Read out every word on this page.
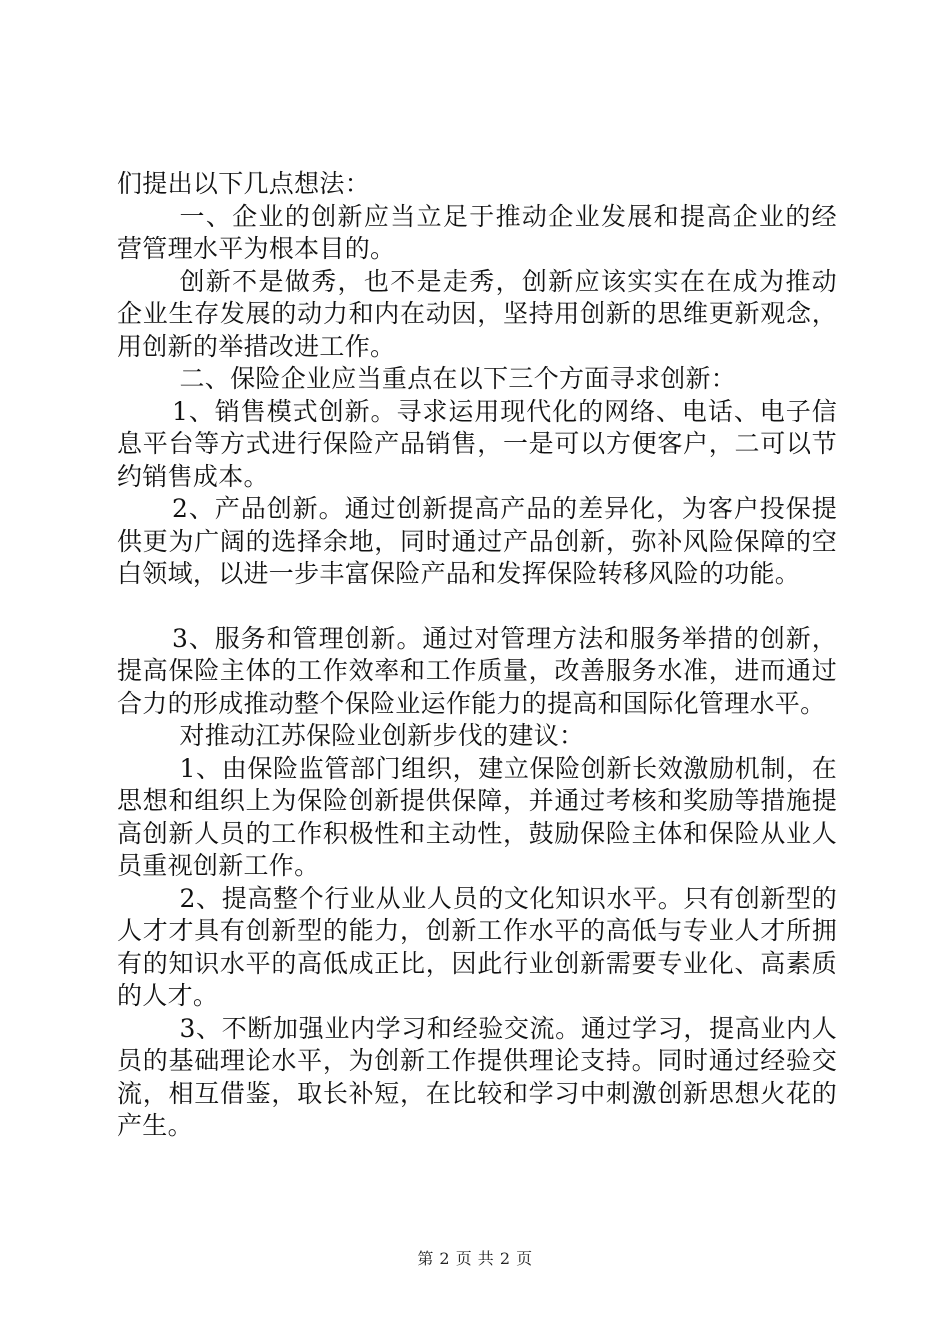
们提出以下几点想法：

一、企业的创新应当立足于推动企业发展和提高企业的经营管理水平为根本目的。

创新不是做秀，也不是走秀，创新应该实实在在成为推动企业生存发展的动力和内在动因，坚持用创新的思维更新观念，用创新的举措改进工作。

二、保险企业应当重点在以下三个方面寻求创新：

1、销售模式创新。寻求运用现代化的网络、电话、电子信息平台等方式进行保险产品销售，一是可以方便客户，二可以节约销售成本。

2、产品创新。通过创新提高产品的差异化，为客户投保提供更为广阔的选择余地，同时通过产品创新，弥补风险保障的空白领域，以进一步丰富保险产品和发挥保险转移风险的功能。

3、服务和管理创新。通过对管理方法和服务举措的创新，提高保险主体的工作效率和工作质量，改善服务水准，进而通过合力的形成推动整个保险业运作能力的提高和国际化管理水平。

对推动江苏保险业创新步伐的建议：

1、由保险监管部门组织，建立保险创新长效激励机制，在思想和组织上为保险创新提供保障，并通过考核和奖励等措施提高创新人员的工作积极性和主动性，鼓励保险主体和保险从业人员重视创新工作。

2、提高整个行业从业人员的文化知识水平。只有创新型的人才才具有创新型的能力，创新工作水平的高低与专业人才所拥有的知识水平的高低成正比，因此行业创新需要专业化、高素质的人才。

3、不断加强业内学习和经验交流。通过学习，提高业内人员的基础理论水平，为创新工作提供理论支持。同时通过经验交流，相互借鉴，取长补短，在比较和学习中刺激创新思想火花的产生。

第 2 页 共 2 页
